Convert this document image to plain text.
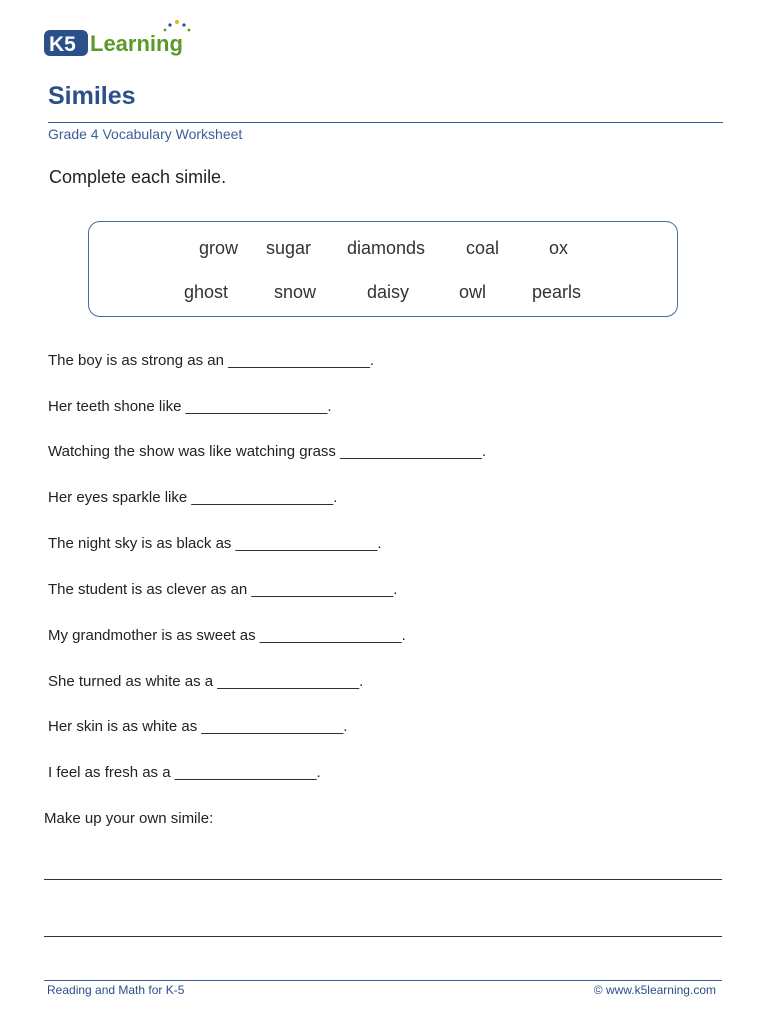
K5 Learning
Similes
Grade 4 Vocabulary Worksheet
Complete each simile.
grow sugar diamonds coal	ox
ghost	snow	daisy	owl	pearls
The boy is as strong as an _________________.
Her teeth shone like _________________.
Watching the show was like watching grass _________________.
Her eyes sparkle like _________________.
The night sky is as black as _________________.
The student is as clever as an _________________.
My grandmother is as sweet as _________________.
She turned as white as a _________________.
Her skin is as white as _________________.
I feel as fresh as a _________________.
Make up your own simile:
Reading and Math for K-5	© www.k5learning.com
